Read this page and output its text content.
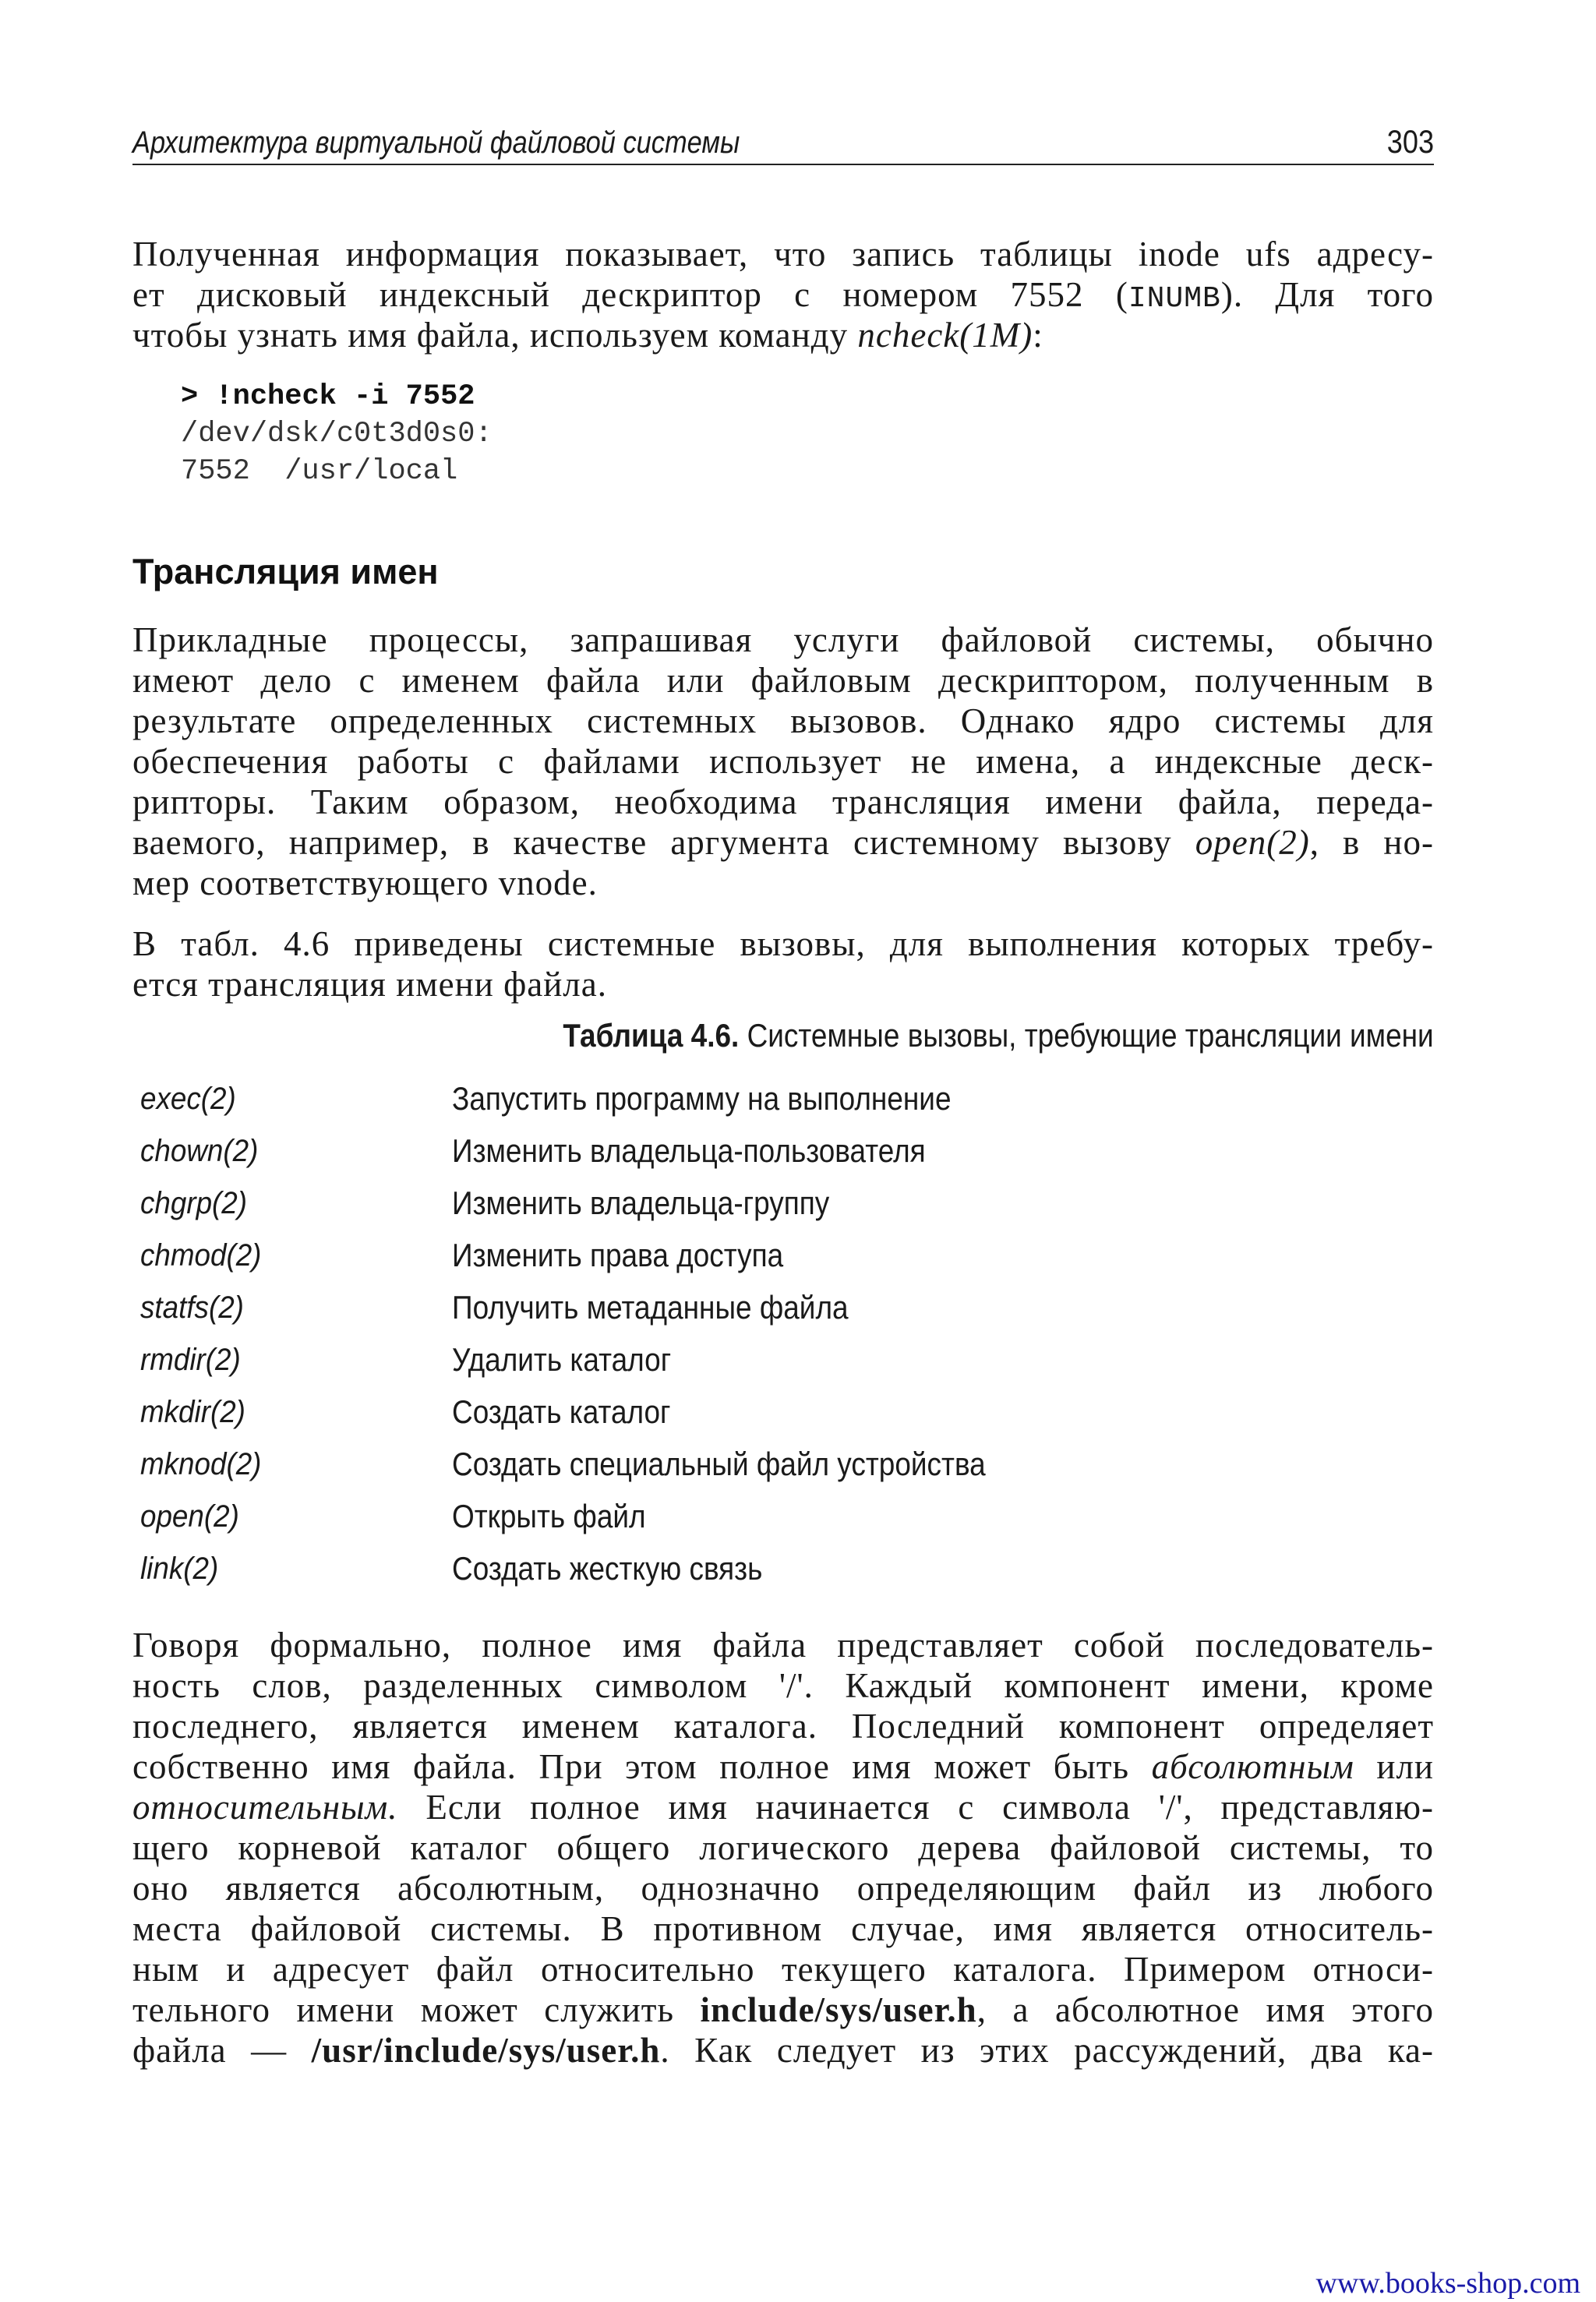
Архитектура виртуальной файловой системы	303
Полученная информация показывает, что запись таблицы inode ufs адресу-
ет дисковый индексный дескриптор с номером 7552 (INUMB). Для того
чтобы узнать имя файла, используем команду ncheck(1M):
> !ncheck -i 7552
/dev/dsk/c0t3d0s0:
7552  /usr/local
Трансляция имен
Прикладные процессы, запрашивая услуги файловой системы, обычно
имеют дело с именем файла или файловым дескриптором, полученным в
результате определенных системных вызовов. Однако ядро системы для
обеспечения работы с файлами использует не имена, а индексные деск-
рипторы. Таким образом, необходима трансляция имени файла, переда-
ваемого, например, в качестве аргумента системному вызову open(2), в но-
мер соответствующего vnode.
В табл. 4.6 приведены системные вызовы, для выполнения которых требу-
ется трансляция имени файла.
Таблица 4.6. Системные вызовы, требующие трансляции имени
exec(2)	Запустить программу на выполнение
chown(2)	Изменить владельца-пользователя
chgrp(2)	Изменить владельца-группу
chmod(2)	Изменить права доступа
statfs(2)	Получить метаданные файла
rmdir(2)	Удалить каталог
mkdir(2)	Создать каталог
mknod(2)	Создать специальный файл устройства
open(2)	Открыть файл
link(2)	Создать жесткую связь
Говоря формально, полное имя файла представляет собой последователь-
ность слов, разделенных символом '/'. Каждый компонент имени, кроме
последнего, является именем каталога. Последний компонент определяет
собственно имя файла. При этом полное имя может быть абсолютным или
относительным. Если полное имя начинается с символа '/', представляю-
щего корневой каталог общего логического дерева файловой системы, то
оно является абсолютным, однозначно определяющим файл из любого
места файловой системы. В противном случае, имя является относитель-
ным и адресует файл относительно текущего каталога. Примером относи-
тельного имени может служить include/sys/user.h, а абсолютное имя этого
файла — /usr/include/sys/user.h. Как следует из этих рассуждений, два ка-
www.books-shop.com
